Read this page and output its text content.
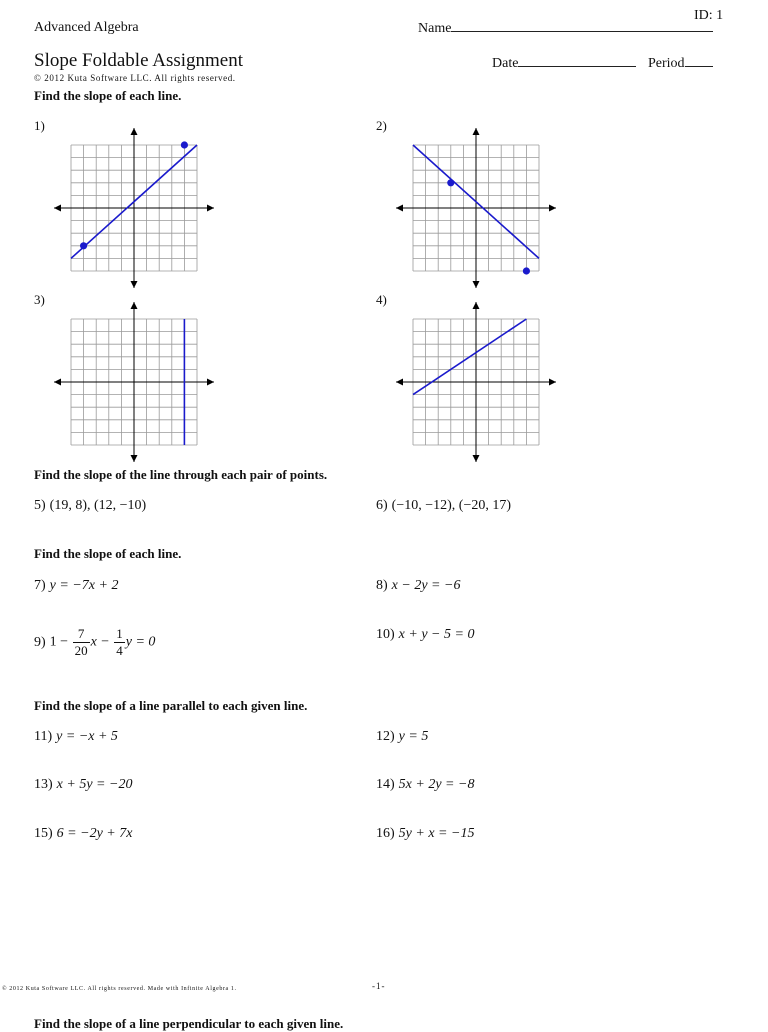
Advanced Algebra
ID: 1
Name
Slope Foldable Assignment	Date	Period
© 2012 Kuta Software LLC. All rights reserved.
Find the slope of each line.
1)	2)
3)	4)
Find the slope of the line through each pair of points.
5) (19, 8), (12, −10)	6) (−10, −12), (−20, 17)
Find the slope of each line.
7) y = −7x + 2	8) x − 2y = −6
9) $1 - \frac{7}{20}$ $x - \frac{1}{4}$ y = 0
10) x + y − 5 = 0
Find the slope of a line parallel to each given line.
11) y = −x + 5	12) y = 5
13) x + 5y = −20	14) 5x + 2y = −8
15) 6 = −2y + 7x	16) 5y + x = −15
© 2012 Kuta Software LLC. All rights reserved. Made with Infinite Algebra 1.	-1-
Find the slope of a line perpendicular to each given line.
